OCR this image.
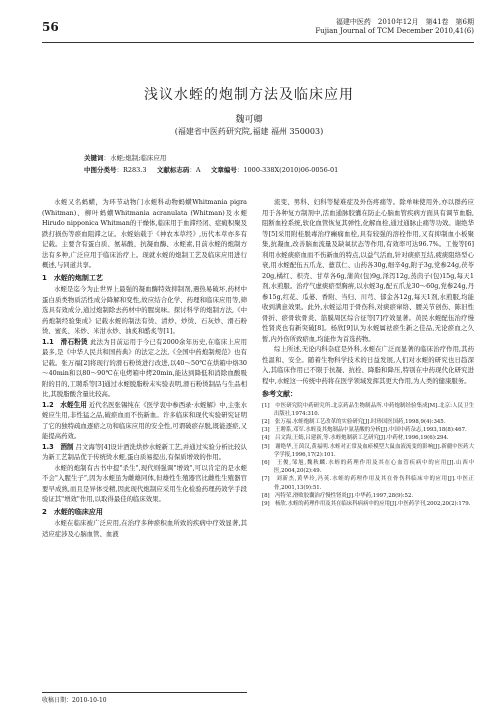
56	福建中医药　2010年12月　第41卷　第6期
Fujian Journal of TCM December 2010,41(6)
浅议水蛭的炮制方法及临床应用
魏可卿
(福建省中医药研究院,福建 福州 350003)
关键词：水蛭;炮制;临床应用
中图分类号：R283.3 文献标志码：A 文章编号：1000-338X(2010)06-0056-01

水蛭又名蚂蟥，为环节动物门水蛭科动物蚂蟥Whitmania pigra (Whitman)、柳叶蚂蟥Whitmania acranulata (Whitman)及水蛭Hirudo nipponica Whitman的干燥体,临床用于血滞经闭、症瘕积聚及跌打损伤等瘀血阻滞之证。水蛭始载于《神农本草经》,历代本草亦多有记载。主要含有蛋白质、氨基酸、抗凝血酶、水蛭素,目前水蛭的炮制方法有多种,广泛应用于临床治疗上。现就水蛭的炮制工艺及临床应用进行概述,与同道共享。

1　水蛭的炮制工艺

水蛭是迄今为止世界上最强的凝血酶特效抑制剂,遇热易破坏,药材中蛋白质类物质活性成分降解和变性,故应结合化学、药理和临床应用等,筛选具有效成分,通过炮制除去药材中的腥臭味。探讨科学的炮制方法,《中药炮制经验集成》记载水蛭的制法有烫、清炒、炒烫、石灰炒、滑石粉烫、蜜炙、米炒、米泔水炒、油炙和酷炙等[1]。

1.1　滑石粉烫 此法为目前运用于今已有2000余年历史,在临床上应用最多,是《中华人民共和国药典》的法定之法,《全国中药炮制规范》也有记载。张万福[2]将现行的滑石粉烫进行改进,以40～50℃在烘箱中烙30～40min和以80～90℃在电烤箱中烤20min,能达到降低和消除血酸吸附的目的,工聘系等[3]通过水蛭脱脂粉末实验表明,滑石粉烫制品与生品相比,其脱脂酸含量比较高。

1.2　水蛭生用 近代名医张锡纯在《医学衷中参西录·水蛭解》中,主张水蛭应生用,非性猛之品,破瘀血而不伤新血。许多临床和现代实验研究证明了它的独特疏血逐瘀之功和临床应用的安全性,可谓破瘀存脱,既能逐瘀,又能提高药效。

1.3　酒制 吕文海等[4]设计酒洗烘炒水蛭新工艺,并通过实验分析比较认为新工艺制品优于传统烫水蛭,蛋白质易提出,有保质增效的作用。

水蛭的炮制有古书中提"杀生",现代则强调"增效",可以肯定的是水蛭不会"入腥生子",因为水蛭虽为雌雄同体,但雄性生殖器官比雌性生殖器官要早成熟,而且是异体受精,因此现代炮制应采用生化检验药理药效学手段验证其"增效"作用,以取得最佳的临床效果。

2　水蛭的临床应用

水蛭在临床被广泛应用,在治疗多种瘀积血所致的疾病中疗效显著,其适应症涉及心脑血管、血液

流变、男科、妇科等疑难症及外伤疼痛等。除单味使用外,亦以群药应用于各种复方制剂中,活血通脉胶囊在防止心脑血管疾病方面具有调节血脂,阻断血栓系统,软化血管恢复其弹性,化解血栓,通过通脉止痛等功效。谢绝华等[5]采用附桂脱毒治疗癫痫血栓,具有较强的溶栓作用,又有抑制血小板聚集,抗凝血,改善脑血流量及缺氧状态等作用,有效率可达96.7%。工俊等[6]利用水蛭痰瘀血而不伤新血的特点,以益气活血,针对痰瘀互结,疲痰阻络型心衰,用水蛭配伍五爪龙、薏苡仁、山药各30g,细辛4g,附子3g,党参24g,茯苓20g,橘红、枳壳、甘草各6g,蒲黄(包)9g,泽泻12g,蒸茵子(包)15g,每天1剂,水煎服。治疗气虚痰瘀型胸痹,以水蛭3g,配五爪龙30～60g,党参24g,丹参15g,红花、瓜蒌、香附、当归、川芎、郁金各12g,每天1剂,水煎服,均能收到满意效果。此外,水蛭运用于骨伤科,对痰瘀窜络、腰关节创伤、陈旧性骨折、瘀骨软骨炎、筋膜周区综合征等[7]疗效显著。黄民水蛭配伍治疗慢性肾炎也有新突破[8]。杨欣[9]认为水蛭属祛瘀生新之佳品,无论瘀血之久暂,内外伤所致瘀血,均能作为首选药物。

综上所述,无论内科杂症是外科,水蛭在广泛而显著的临床治疗作用,其药性温和、安全。随着生物科学技术的日益发展,人们对水蛭的研究也日趋深入,其临床作用已不限于抗凝、抗栓、降脂和降压,特别在中药现代化研究进程中,水蛭这一传统中药将在医学领域发挥其更大作用,为人类的健康服务。

参考文献：
[1]　中医研究院中药研究所.北京药品生物制品所.中药炮制经验集成[M].北京:人民卫生出版社,1974:310.
[2]　张万福.水蛭炮制工艺改革的实验研究[J].时珍国医国药,1998,9(4):345.
[3]　王聘系,邓军.水蛭及其炮制品中氨基酸的分析[J].中国中药杂志,1993,18(8):467.
[4]　吕文海,王嫣,吕建新,等.水蛭炮制新工艺研究[J].中药材,1996,19(6):294.
[5]　谢绝华,王茵汉,黄福明.水蛭对正常及血瘀模型大鼠血液流变的影响[J].新疆中医药大学学报,1996,17(2):101.
[6]　王俊,邹旭,魏秋麟.水蛭的药理作用及其在心血管疾病中的应用[J].山西中医,2004,20(2):49.
[7]　刘新杰,黄华玲,冯英.水蛭的药理作用及其在骨伤科临床中的应用[J].中医正骨,2001,13(9):51.
[8]　冯特荣.滑败胶囊治疗慢性肾炎[J].中华药,1997,28(9):52.
[9]　杨欣.水蛭的药理作用及其在临床科病病中的应用[J].中医药学刊,2002,20(2):179.
收稿日期：2010-10-10
